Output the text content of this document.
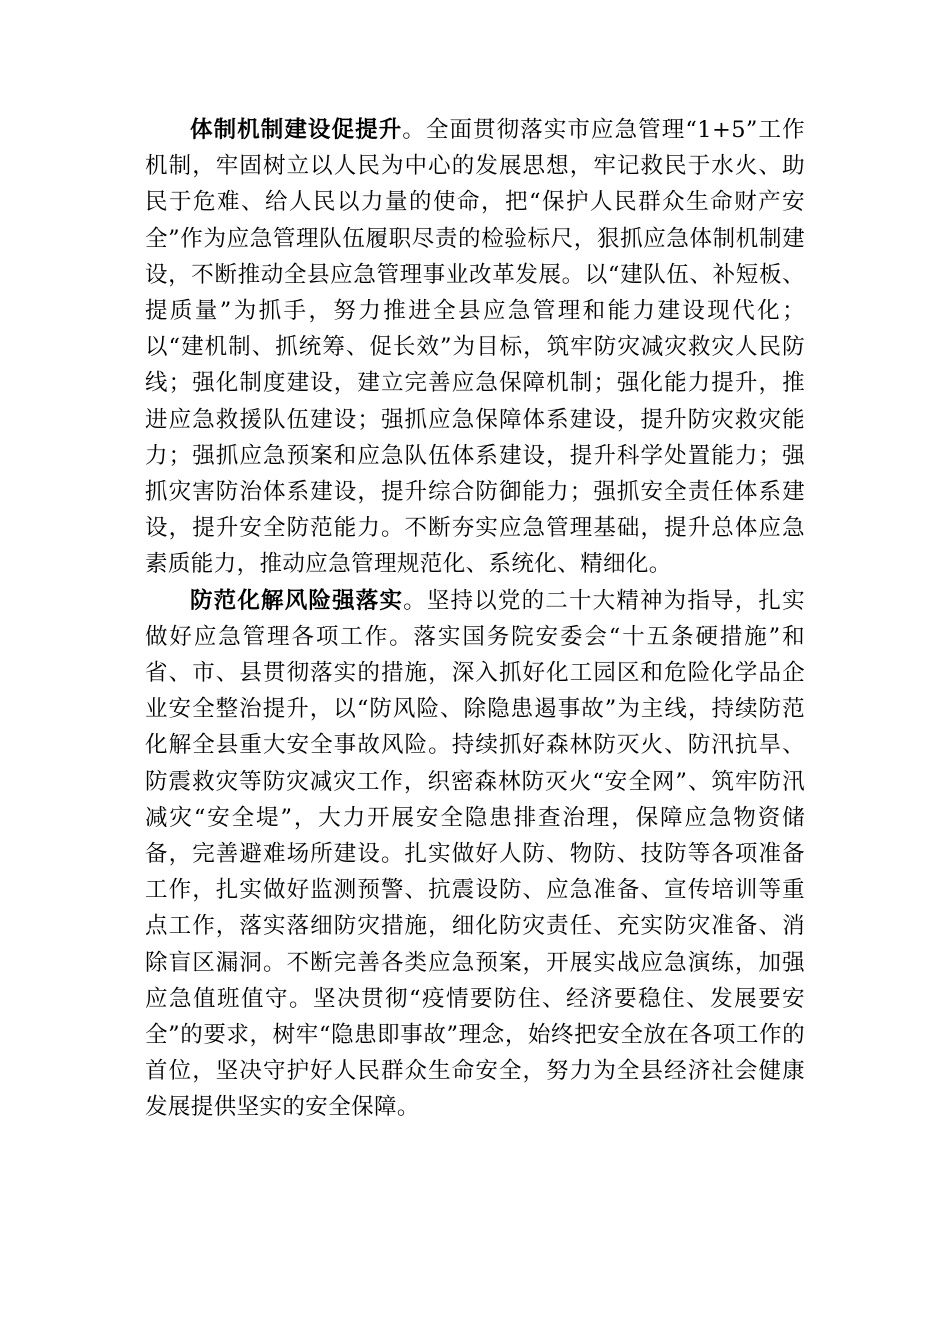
体制机制建设促提升。全面贯彻落实市应急管理“1+5”工作机制，牢固树立以人民为中心的发展思想，牢记救民于水火、助民于危难、给人民以力量的使命，把“保护人民群众生命财产安全”作为应急管理队伍履职尽责的检验标尺，狠抓应急体制机制建设，不断推动全县应急管理事业改革发展。以“建队伍、补短板、提质量”为抓手，努力推进全县应急管理和能力建设现代化；以“建机制、抓统筹、促长效”为目标，筑牢防灾减灾救灾人民防线；强化制度建设，建立完善应急保障机制；强化能力提升，推进应急救援队伍建设；强抓应急保障体系建设，提升防灾救灾能力；强抓应急预案和应急队伍体系建设，提升科学处置能力；强抓灾害防治体系建设，提升综合防御能力；强抓安全责任体系建设，提升安全防范能力。不断夯实应急管理基础，提升总体应急素质能力，推动应急管理规范化、系统化、精细化。

防范化解风险强落实。坚持以党的二十大精神为指导，扎实做好应急管理各项工作。落实国务院安委会“十五条硬措施”和省、市、县贯彻落实的措施，深入抓好化工园区和危险化学品企业安全整治提升，以“防风险、除隐患遏事故”为主线，持续防范化解全县重大安全事故风险。持续抓好森林防灭火、防汛抗旱、防震救灾等防灾减灾工作，织密森林防灭火“安全网”、筑牢防汛减灾“安全堤”，大力开展安全隐患排查治理，保障应急物资储备，完善避难场所建设。扎实做好人防、物防、技防等各项准备工作，扎实做好监测预警、抗震设防、应急准备、宣传培训等重点工作，落实落细防灾措施，细化防灾责任、充实防灾准备、消除盲区漏洞。不断完善各类应急预案，开展实战应急演练，加强应急值班值守。坚决贯彻“疫情要防住、经济要稳住、发展要安全”的要求，树牢“隐患即事故”理念，始终把安全放在各项工作的首位，坚决守护好人民群众生命安全，努力为全县经济社会健康发展提供坚实的安全保障。
